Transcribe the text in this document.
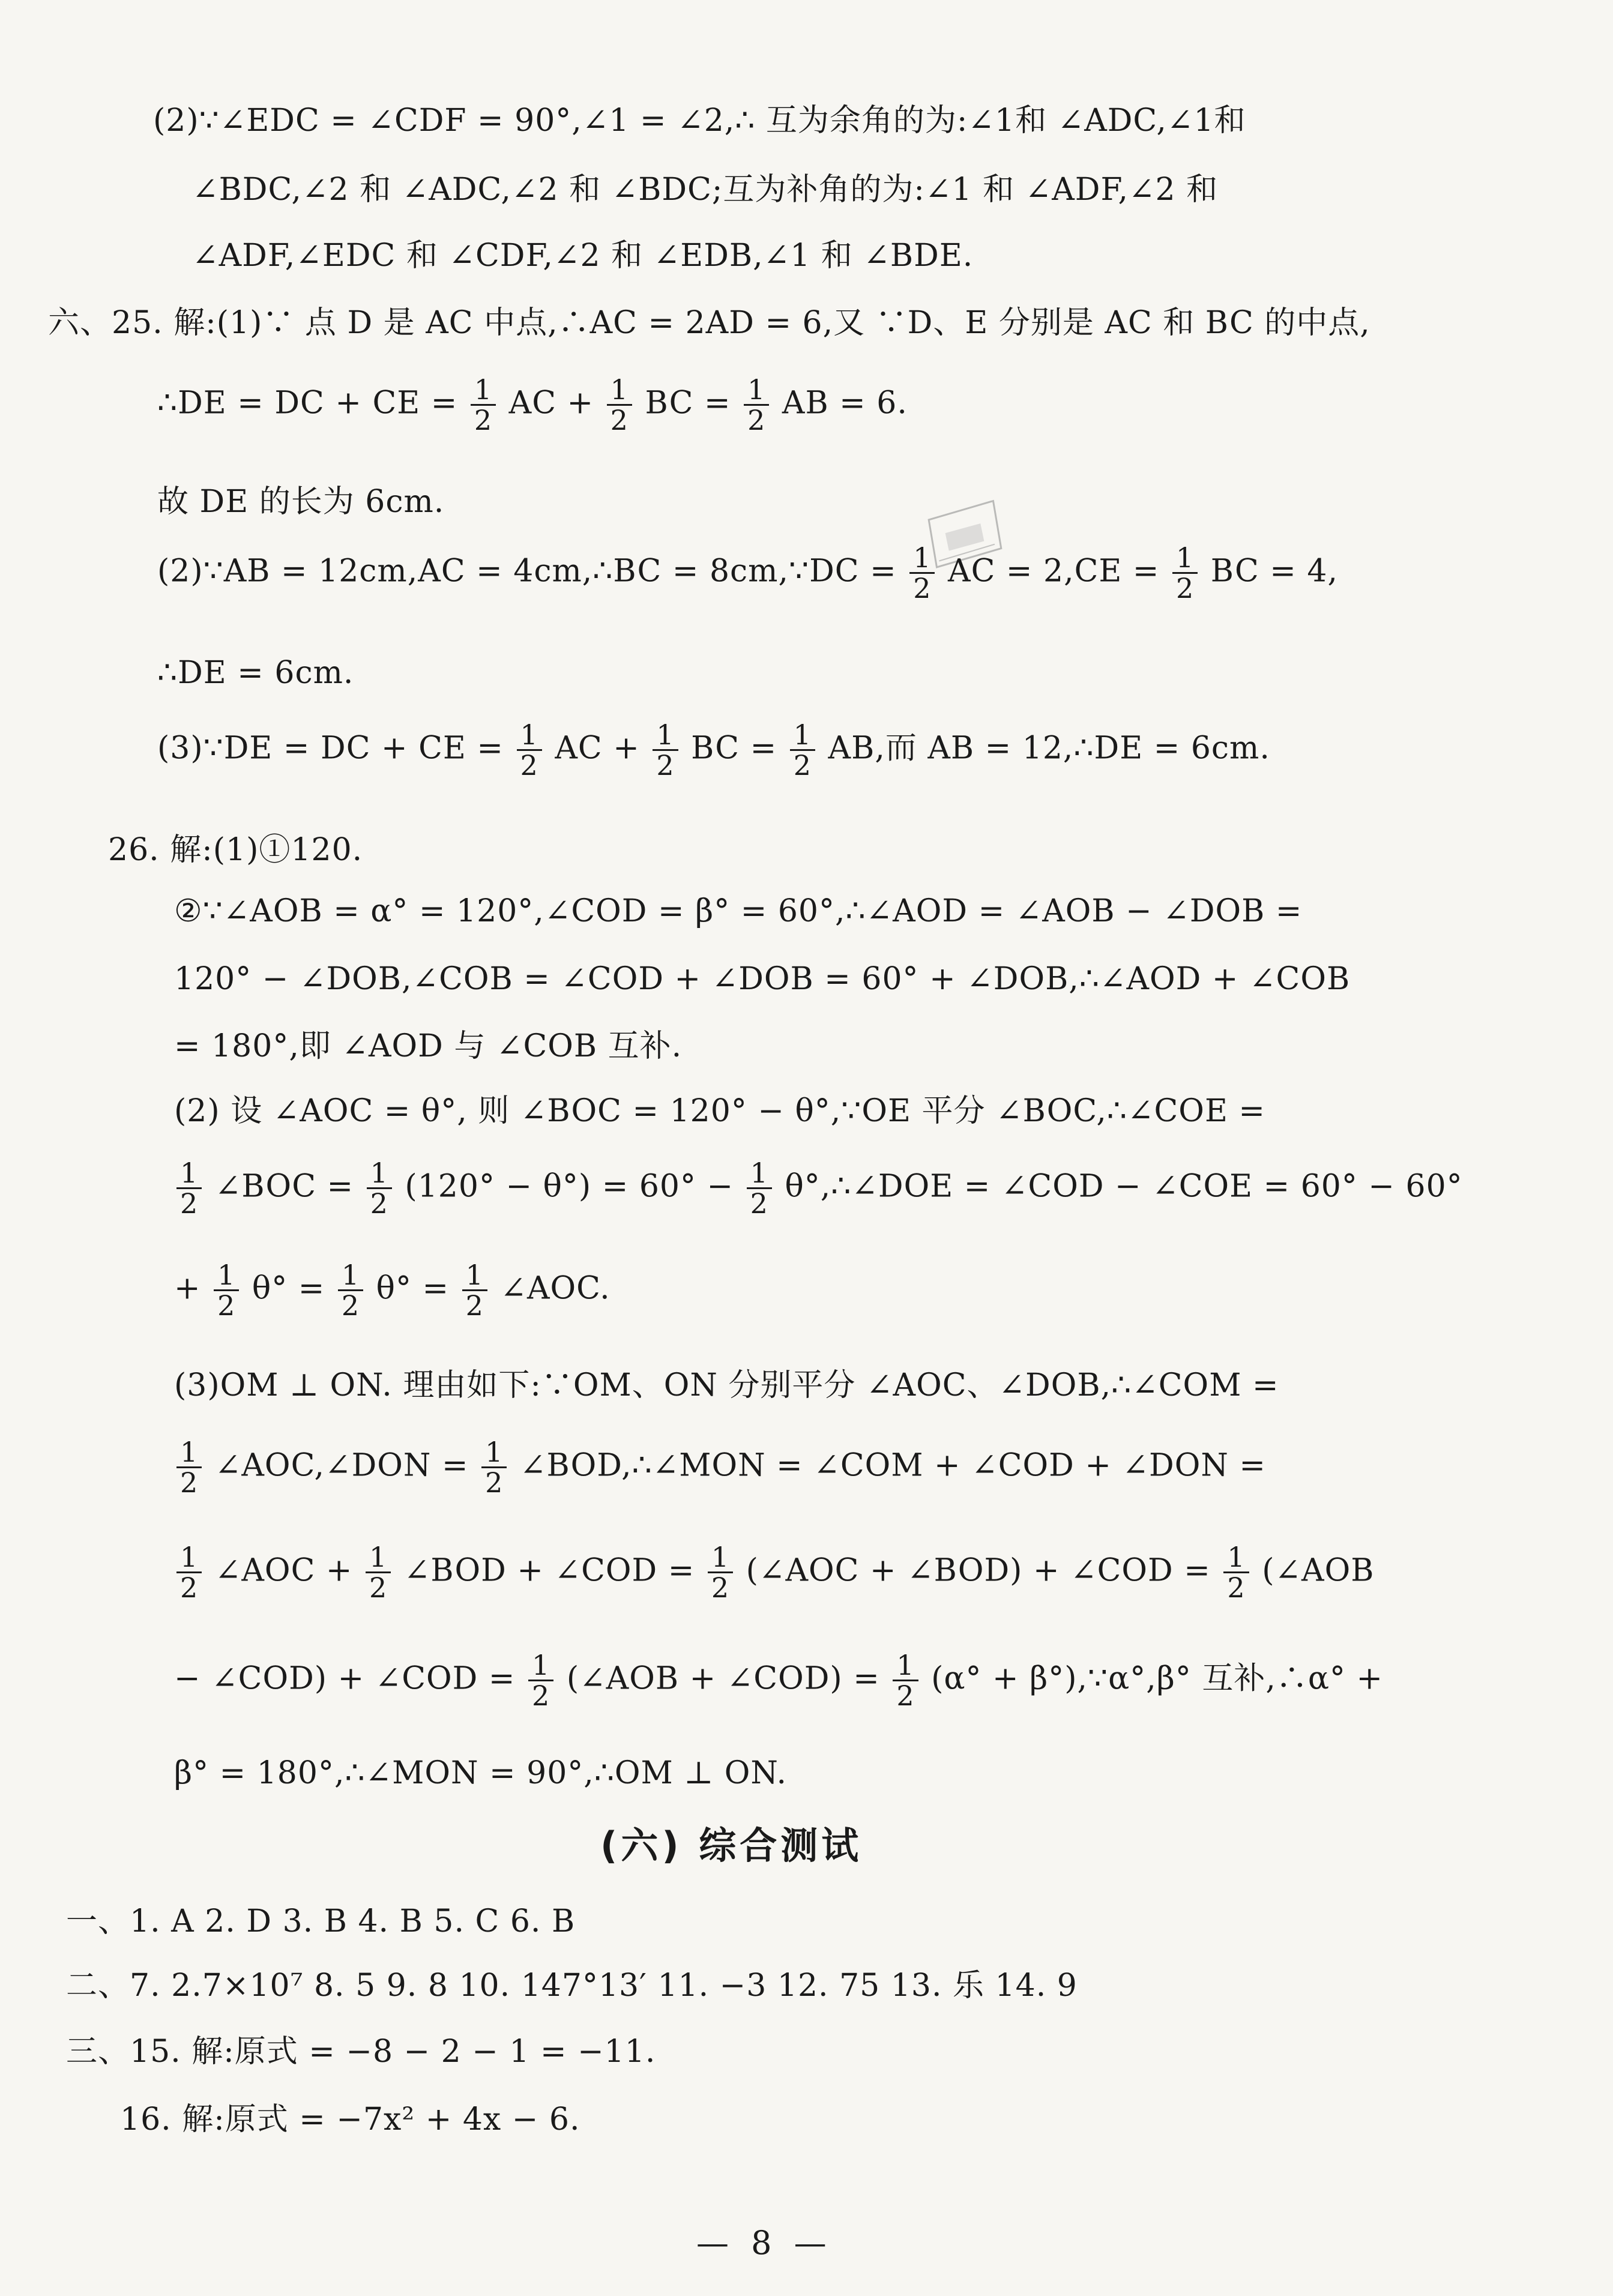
(2)∵∠EDC = ∠CDF = 90°,∠1 = ∠2,∴ 互为余角的为:∠1和 ∠ADC,∠1和
∠BDC,∠2 和 ∠ADC,∠2 和 ∠BDC;互为补角的为:∠1 和 ∠ADF,∠2 和
∠ADF,∠EDC 和 ∠CDF,∠2 和 ∠EDB,∠1 和 ∠BDE.
六、25. 解:(1)∵ 点 D 是 AC 中点,∴AC = 2AD = 6,又 ∵D、E 分别是 AC 和 BC 的中点,
∴DE = DC + CE = $\frac{1}{2}$ AC + $\frac{1}{2}$ BC = $\frac{1}{2}$ AB = 6.
故 DE 的长为 6cm.
(2)∵AB = 12cm,AC = 4cm,∴BC = 8cm,∵DC = $\frac{1}{2}$ AC = $2,CE = \frac{1}{2}$ BC = 4,
∴DE = 6cm.
(3)∵DE = DC + CE = $\frac{1}{2}$ AC + $\frac{1}{2}$ BC = $\frac{1}{2}$ AB,而 AB = 12,∴DE = 6cm.
26. 解:(1)①120.
②∵∠AOB = α° = 120°,∠COD = β° = 60°,∴∠AOD = ∠AOB − ∠DOB =
120° − ∠DOB,∠COB = ∠COD + ∠DOB = 60° + ∠DOB,∴∠AOD + ∠COB
= 180°,即 ∠AOD 与 ∠COB 互补.
(2) 设 ∠AOC = θ°, 则 ∠BOC = 120° − θ°,∵OE 平分 ∠BOC,∴∠COE =
$\frac{1}{2}$ ∠BOC = $\frac{1}{2} (120^\circ - \theta^\circ) = 60^\circ - \frac{1}{2}$ θ°,∴∠DOE = ∠COD − ∠COE = 60° − 60°
+ $\frac{1}{2} \theta^\circ = \frac{1}{2} \theta^\circ = \frac{1}{2}$ ∠AOC.
(3)OM ⊥ ON. 理由如下:∵OM、ON 分别平分 ∠AOC、∠DOB,∴∠COM =
$\frac{1}{2}$ ∠AOC,∠DON = $\frac{1}{2}$ ∠BOD,∴∠MON = ∠COM + ∠COD + ∠DON =
$\frac{1}{2}$ ∠AOC + $\frac{1}{2}$ ∠BOD + ∠COD = $\frac{1}{2}$ (∠AOC + ∠BOD) + ∠COD = $\frac{1}{2}$ (∠AOB
− ∠COD) + ∠COD = $\frac{1}{2}$ (∠AOB + ∠COD) = $\frac{1}{2} (\alpha^\circ$ + β°),∵α°,β° 互补,∴α° +
β° = 180°,∴∠MON = 90°,∴OM ⊥ ON.
(六) 综合测试
一、1. A 2. D 3. B 4. B 5. C 6. B
二、7. 2.7×10⁷ 8. 5 9. 8 10. 147°13′ 11. −3 12. 75 13. 乐 14. 9
三、15. 解:原式 = −8 − 2 − 1 = −11.
16. 解:原式 = −7x² + 4x − 6.
— 8 —
